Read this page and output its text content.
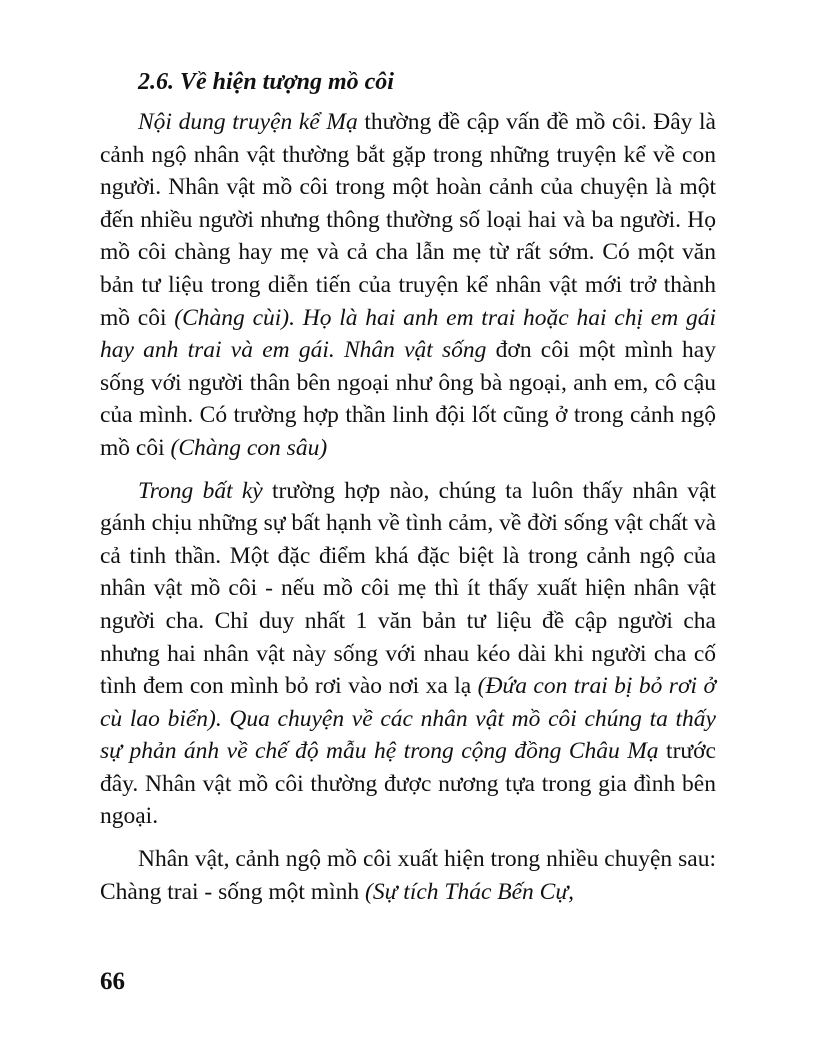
2.6. Về hiện tượng mồ côi

Nội dung truyện kể Mạ thường đề cập vấn đề mồ côi. Đây là cảnh ngộ nhân vật thường bắt gặp trong những truyện kể về con người. Nhân vật mồ côi trong một hoàn cảnh của chuyện là một đến nhiều người nhưng thông thường số loại hai và ba người. Họ mồ côi chàng hay mẹ và cả cha lẫn mẹ từ rất sớm. Có một văn bản tư liệu trong diễn tiến của truyện kể nhân vật mới trở thành mồ côi (Chàng cùi). Họ là hai anh em trai hoặc hai chị em gái hay anh trai và em gái. Nhân vật sống đơn côi một mình hay sống với người thân bên ngoại như ông bà ngoại, anh em, cô cậu của mình. Có trường hợp thần linh đội lốt cũng ở trong cảnh ngộ mồ côi (Chàng con sâu)

Trong bất kỳ trường hợp nào, chúng ta luôn thấy nhân vật gánh chịu những sự bất hạnh về tình cảm, về đời sống vật chất và cả tinh thần. Một đặc điểm khá đặc biệt là trong cảnh ngộ của nhân vật mồ côi - nếu mồ côi mẹ thì ít thấy xuất hiện nhân vật người cha. Chỉ duy nhất 1 văn bản tư liệu đề cập người cha nhưng hai nhân vật này sống với nhau kéo dài khi người cha cố tình đem con mình bỏ rơi vào nơi xa lạ (Đứa con trai bị bỏ rơi ở cù lao biển). Qua chuyện về các nhân vật mồ côi chúng ta thấy sự phản ánh về chế độ mẫu hệ trong cộng đồng Châu Mạ trước đây. Nhân vật mồ côi thường được nương tựa trong gia đình bên ngoại.

Nhân vật, cảnh ngộ mồ côi xuất hiện trong nhiều chuyện sau: Chàng trai - sống một mình (Sự tích Thác Bến Cự,

66
